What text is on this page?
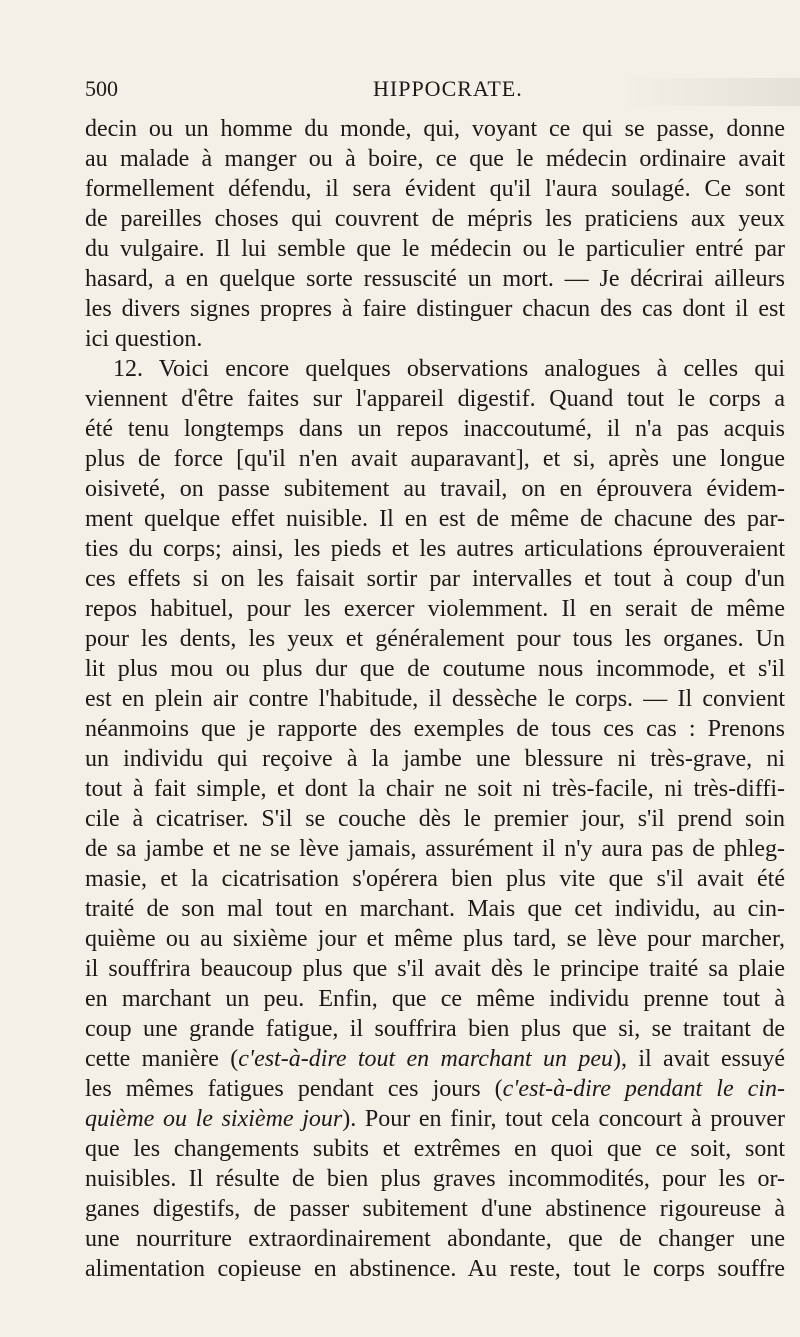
500	HIPPOCRATE.
decin ou un homme du monde, qui, voyant ce qui se passe, donne
au malade à manger ou à boire, ce que le médecin ordinaire avait
formellement défendu, il sera évident qu'il l'aura soulagé. Ce sont
de pareilles choses qui couvrent de mépris les praticiens aux yeux
du vulgaire. Il lui semble que le médecin ou le particulier entré par
hasard, a en quelque sorte ressuscité un mort. — Je décrirai ailleurs
les divers signes propres à faire distinguer chacun des cas dont il est
ici question.
12. Voici encore quelques observations analogues à celles qui
viennent d'être faites sur l'appareil digestif. Quand tout le corps a
été tenu longtemps dans un repos inaccoutumé, il n'a pas acquis
plus de force [qu'il n'en avait auparavant], et si, après une longue
oisiveté, on passe subitement au travail, on en éprouvera évidem-
ment quelque effet nuisible. Il en est de même de chacune des par-
ties du corps; ainsi, les pieds et les autres articulations éprouveraient
ces effets si on les faisait sortir par intervalles et tout à coup d'un
repos habituel, pour les exercer violemment. Il en serait de même
pour les dents, les yeux et généralement pour tous les organes. Un
lit plus mou ou plus dur que de coutume nous incommode, et s'il
est en plein air contre l'habitude, il dessèche le corps. — Il convient
néanmoins que je rapporte des exemples de tous ces cas : Prenons
un individu qui reçoive à la jambe une blessure ni très-grave, ni
tout à fait simple, et dont la chair ne soit ni très-facile, ni très-diffi-
cile à cicatriser. S'il se couche dès le premier jour, s'il prend soin
de sa jambe et ne se lève jamais, assurément il n'y aura pas de phleg-
masie, et la cicatrisation s'opérera bien plus vite que s'il avait été
traité de son mal tout en marchant. Mais que cet individu, au cin-
quième ou au sixième jour et même plus tard, se lève pour marcher,
il souffrira beaucoup plus que s'il avait dès le principe traité sa plaie
en marchant un peu. Enfin, que ce même individu prenne tout à
coup une grande fatigue, il souffrira bien plus que si, se traitant de
cette manière (c'est-à-dire tout en marchant un peu), il avait essuyé
les mêmes fatigues pendant ces jours (c'est-à-dire pendant le cin-
quième ou le sixième jour). Pour en finir, tout cela concourt à prouver
que les changements subits et extrêmes en quoi que ce soit, sont
nuisibles. Il résulte de bien plus graves incommodités, pour les or-
ganes digestifs, de passer subitement d'une abstinence rigoureuse à
une nourriture extraordinairement abondante, que de changer une
alimentation copieuse en abstinence. Au reste, tout le corps souffre
